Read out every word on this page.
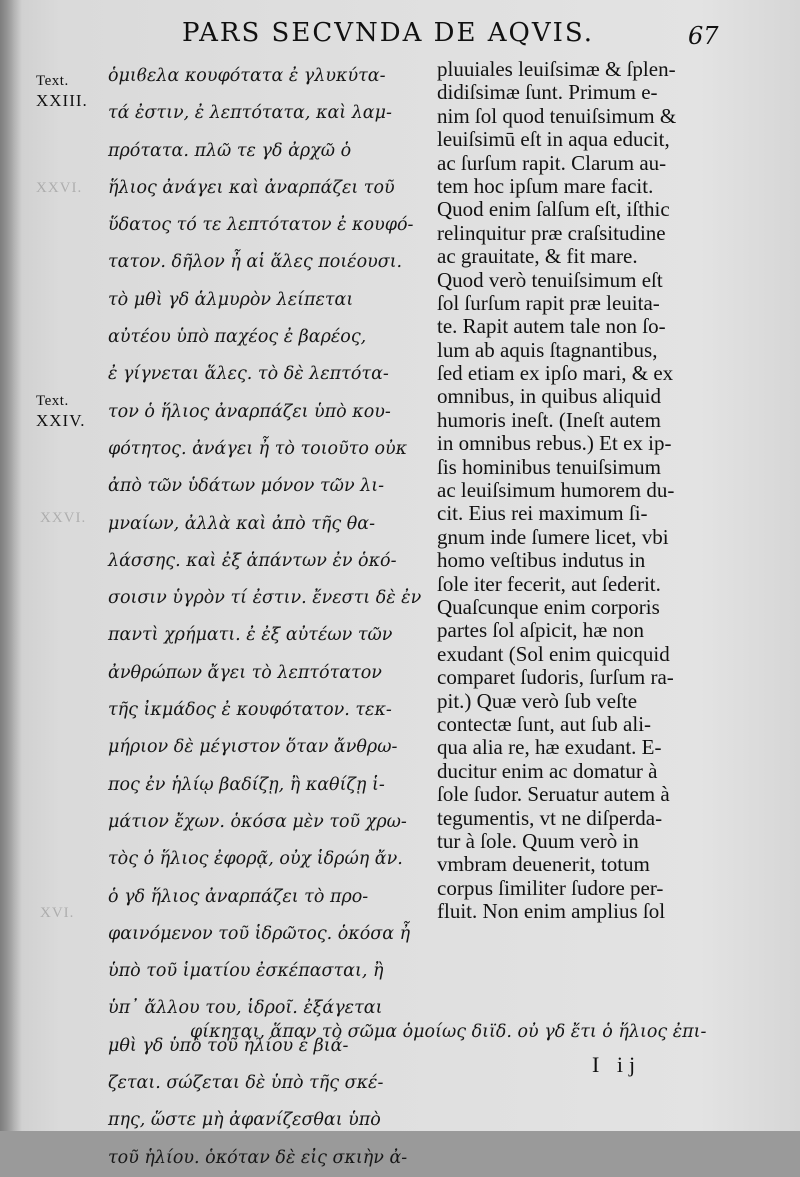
XXVI.
XXVI.
XVI.
PARS SECVNDA DE AQVIS.	67
Text.
XXIII.
Text.
XXIV.
ὁμιϐελα κουφότατα ἐ γλυκύτα-
τά ἐστιν, ἐ λεπτότατα, καὶ λαμ-
πρότατα. πλῶ τε γδ ἀρχῶ ὁ
ἥλιος ἀνάγει καὶ ἀναρπάζει τοῦ
ὕδατος τό τε λεπτότατον ἐ κουφό-
τατον. δῆλον ἦ αἱ ἅλες ποιέουσι.
τὸ μθὶ γδ ἁλμυρὸν λείπεται
αὐτέου ὑπὸ παχέος ἐ βαρέος,
ἐ γίγνεται ἅλες. τὸ δὲ λεπτότα-
τον ὁ ἥλιος ἀναρπάζει ὑπὸ κου-
φότητος. ἀνάγει ἦ τὸ τοιοῦτο οὐκ
ἀπὸ τῶν ὑδάτων μόνον τῶν λι-
μναίων, ἀλλὰ καὶ ἀπὸ τῆς θα-
λάσσης. καὶ ἐξ ἁπάντων ἐν ὁκό-
σοισιν ὑγρὸν τί ἐστιν. ἔνεστι δὲ ἐν
παντὶ χρήματι. ἐ ἐξ αὐτέων τῶν
ἀνθρώπων ἄγει τὸ λεπτότατον
τῆς ἰκμάδος ἐ κουφότατον. τεκ-
μήριον δὲ μέγιστον ὅταν ἄνθρω-
πος ἐν ἡλίῳ βαδίζῃ, ἢ καθίζῃ ἱ-
μάτιον ἔχων. ὁκόσα μὲν τοῦ χρω-
τὸς ὁ ἥλιος ἐφορᾷ, οὐχ ἱδρώη ἄν.
ὁ γδ ἥλιος ἀναρπάζει τὸ προ-
φαινόμενον τοῦ ἱδρῶτος. ὁκόσα ἦ
ὑπὸ τοῦ ἱματίου ἐσκέπασται, ἢ
ὑπ᾽ ἄλλου του, ἱδροῖ. ἐξάγεται
μθὶ γδ ὑπὸ τοῦ ἡλίου ἐ βιά-
ζεται. σώζεται δὲ ὑπὸ τῆς σκέ-
πης, ὥστε μὴ ἀφανίζεσθαι ὑπὸ
τοῦ ἡλίου. ὁκόταν δὲ εἰς σκιὴν ἀ-
pluuiales leuiſsimæ & ſplen-
didiſsimæ ſunt. Primum e-
nim ſol quod tenuiſsimum &
leuiſsimū eſt in aqua educit,
ac ſurſum rapit. Clarum au-
tem hoc ipſum mare facit.
Quod enim ſalſum eſt, iſthic
relinquitur præ craſsitudine
ac grauitate, & fit mare.
Quod verò tenuiſsimum eſt
ſol ſurſum rapit præ leuita-
te. Rapit autem tale non ſo-
lum ab aquis ſtagnantibus,
ſed etiam ex ipſo mari, & ex
omnibus, in quibus aliquid
humoris ineſt. (Ineſt autem
in omnibus rebus.) Et ex ip-
ſis hominibus tenuiſsimum
ac leuiſsimum humorem du-
cit. Eius rei maximum ſi-
gnum inde ſumere licet, vbi
homo veſtibus indutus in
ſole iter fecerit, aut ſederit.
Quaſcunque enim corporis
partes ſol aſpicit, hæ non
exudant (Sol enim quicquid
comparet ſudoris, ſurſum ra-
pit.) Quæ verò ſub veſte
contectæ ſunt, aut ſub ali-
qua alia re, hæ exudant. E-
ducitur enim ac domatur à
ſole ſudor. Seruatur autem à
tegumentis, vt ne diſperda-
tur à ſole. Quum verò in
vmbram deuenerit, totum
corpus ſimiliter ſudore per-
fluit. Non enim amplius ſol
φίκηται, ἅπαν τὸ σῶμα ὁμοίως διϊδ. οὐ γδ ἔτι ὁ ἥλιος ἐπι-
I ij
